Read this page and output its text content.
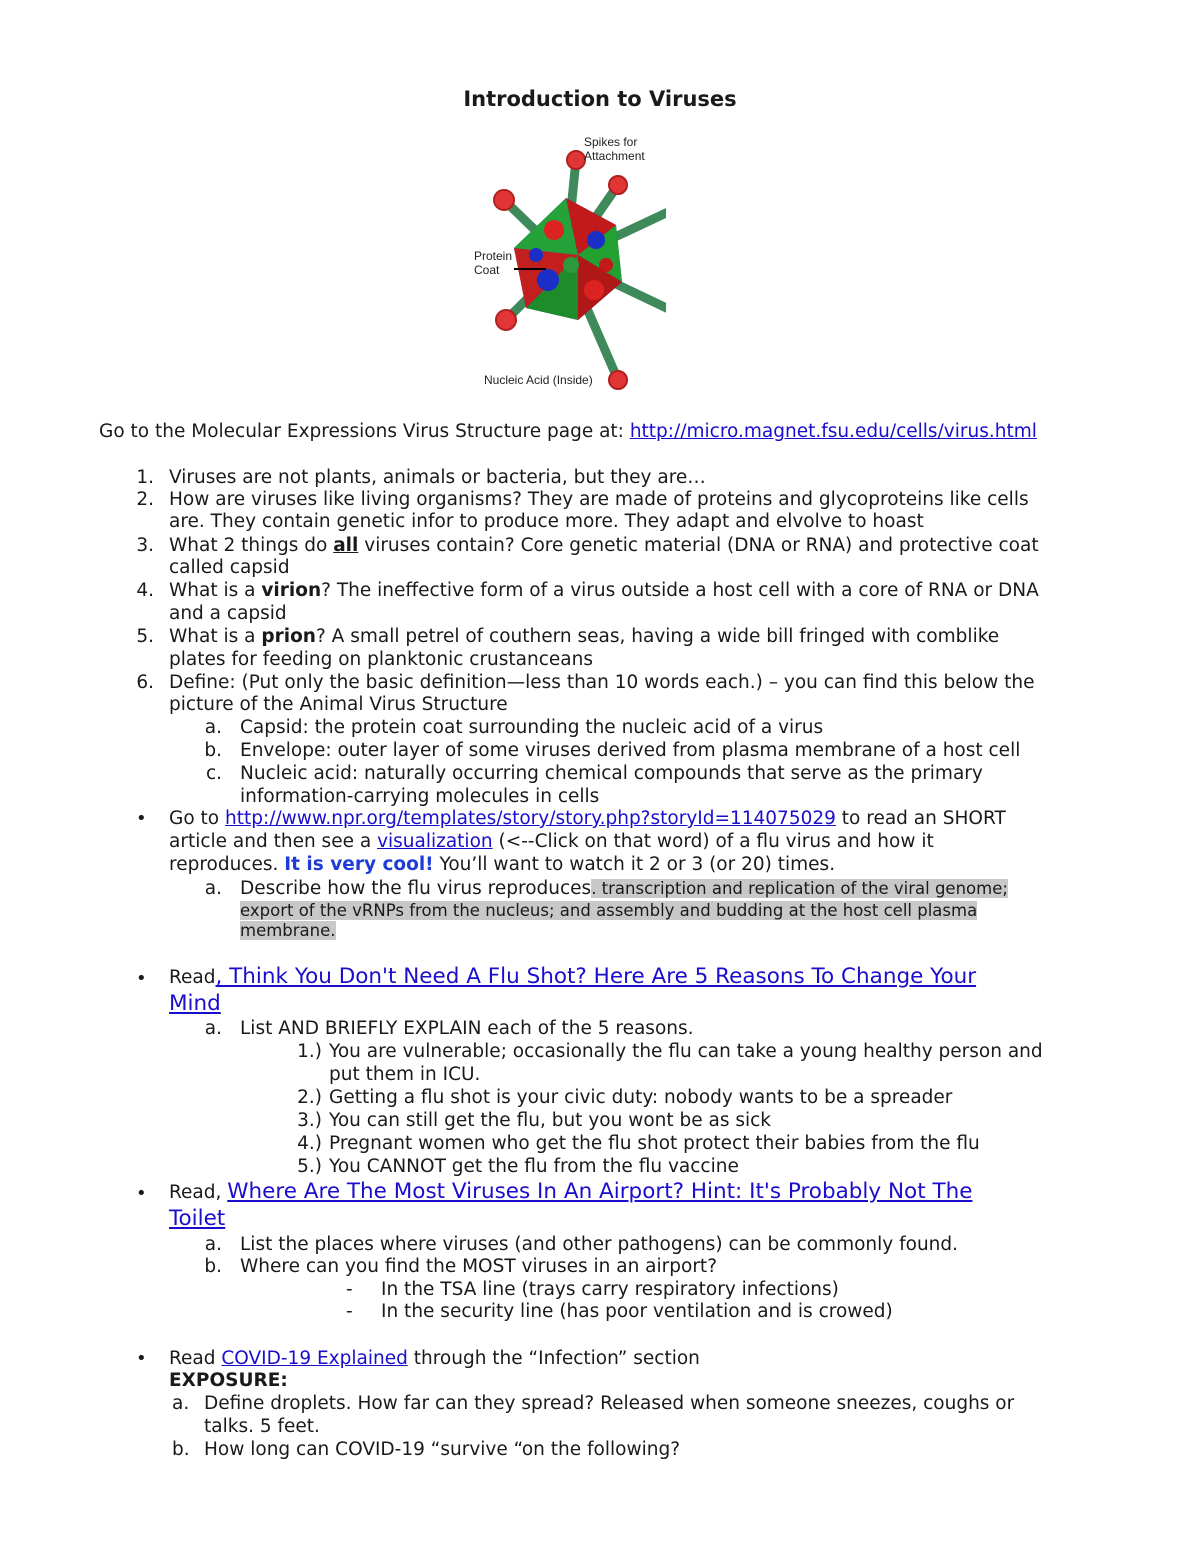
Introduction to Viruses
Spikes for
Attachment
Protein
Coat
Nucleic Acid (Inside)
Go to the Molecular Expressions Virus Structure page at: http://micro.magnet.fsu.edu/cells/virus.html
1. Viruses are not plants, animals or bacteria, but they are…
2. How are viruses like living organisms? They are made of proteins and glycoproteins like cells
are. They contain genetic infor to produce more. They adapt and elvolve to hoast
3. What 2 things do all viruses contain? Core genetic material (DNA or RNA) and protective coat
called capsid
4. What is a virion? The ineffective form of a virus outside a host cell with a core of RNA or DNA
and a capsid
5. What is a prion? A small petrel of couthern seas, having a wide bill fringed with comblike
plates for feeding on planktonic crustanceans
6. Define: (Put only the basic definition—less than 10 words each.) – you can find this below the
picture of the Animal Virus Structure
a. Capsid: the protein coat surrounding the nucleic acid of a virus
b. Envelope: outer layer of some viruses derived from plasma membrane of a host cell
c. Nucleic acid: naturally occurring chemical compounds that serve as the primary
information-carrying molecules in cells
• Go to http://www.npr.org/templates/story/story.php?storyId=114075029 to read an SHORT
article and then see a visualization (<--Click on that word) of a flu virus and how it
reproduces. It is very cool! You’ll want to watch it 2 or 3 (or 20) times.
a. Describe how the flu virus reproduces. transcription and replication of the viral genome;
export of the vRNPs from the nucleus; and assembly and budding at the host cell plasma
membrane.
• Read, Think You Don't Need A Flu Shot? Here Are 5 Reasons To Change Your
Mind
a. List AND BRIEFLY EXPLAIN each of the 5 reasons.
1.) You are vulnerable; occasionally the flu can take a young healthy person and
put them in ICU.
2.) Getting a flu shot is your civic duty: nobody wants to be a spreader
3.) You can still get the flu, but you wont be as sick
4.) Pregnant women who get the flu shot protect their babies from the flu
5.) You CANNOT get the flu from the flu vaccine
• Read, Where Are The Most Viruses In An Airport? Hint: It's Probably Not The
Toilet
a. List the places where viruses (and other pathogens) can be commonly found.
b. Where can you find the MOST viruses in an airport?
- In the TSA line (trays carry respiratory infections)
- In the security line (has poor ventilation and is crowed)
• Read COVID-19 Explained through the “Infection” section
EXPOSURE:
a. Define droplets. How far can they spread? Released when someone sneezes, coughs or
talks. 5 feet.
b. How long can COVID-19 “survive “on the following?
